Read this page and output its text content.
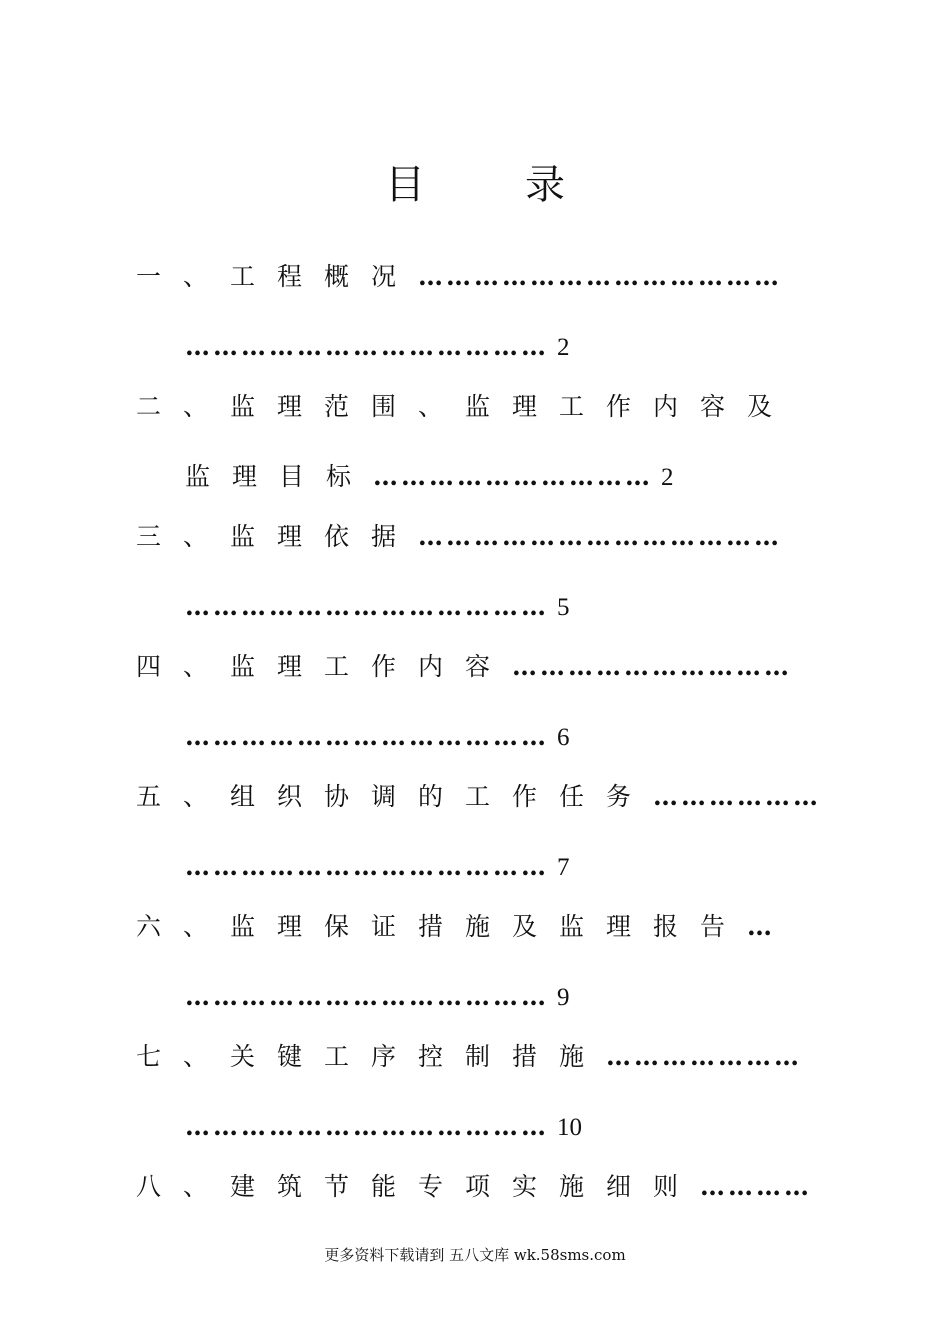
目	录
一、工程概况…………………………………
………………………………… 2
二、监理范围、监理工作内容及
监理目标………………………… 2
三、监理依据…………………………………
………………………………… 5
四、监理工作内容…………………………
………………………………… 6
五、组织协调的工作任务………………
………………………………… 7
六、监理保证措施及监理报告…
………………………………… 9
七、关键工序控制措施…………………
………………………………… 10
八、建筑节能专项实施细则…………
更多资料下载请到 五八文库 wk.58sms.com
